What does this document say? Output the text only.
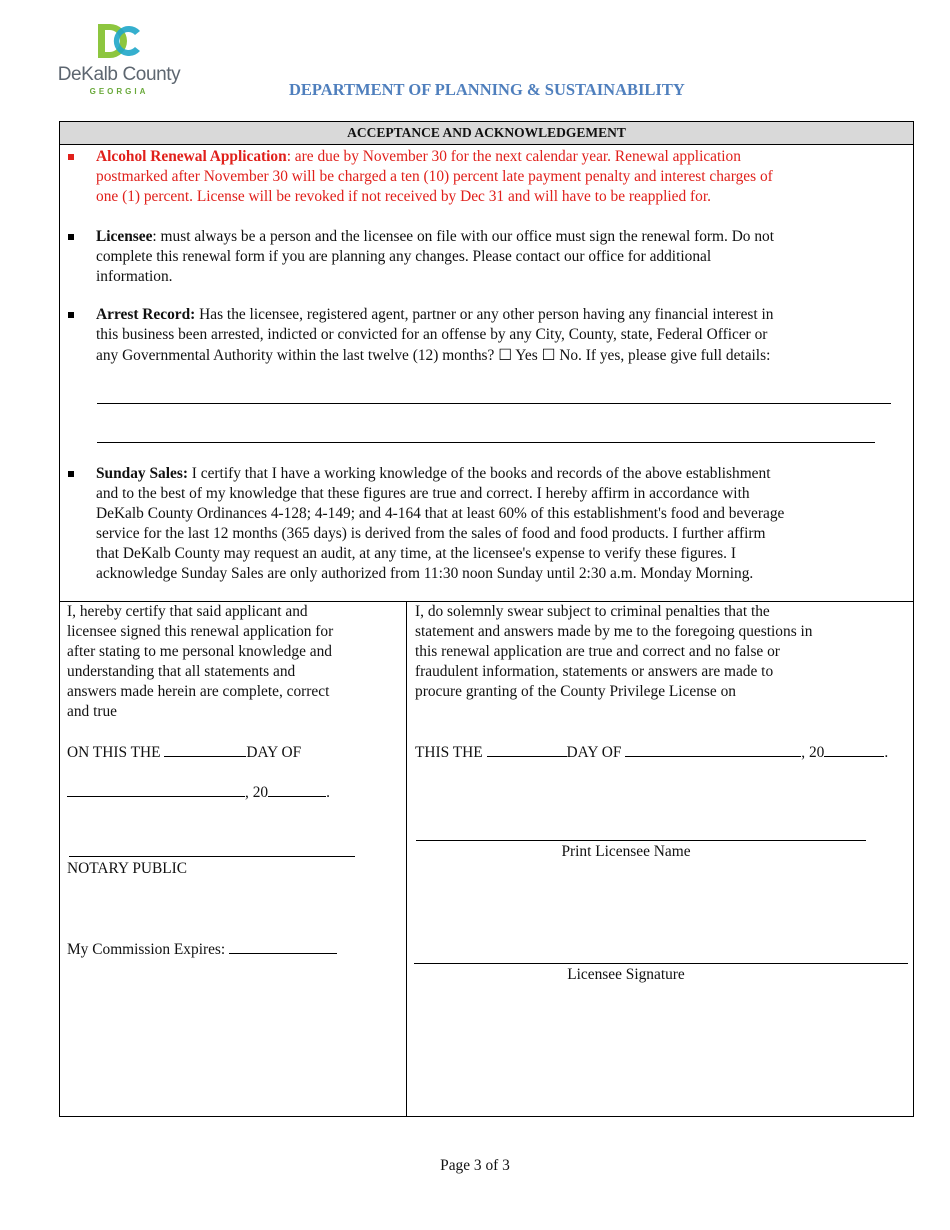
DeKalb County
GEORGIA	DEPARTMENT OF PLANNING & SUSTAINABILITY
ACCEPTANCE AND ACKNOWLEDGEMENT
Alcohol Renewal Application: are due by November 30 for the next calendar year. Renewal application
postmarked after November 30 will be charged a ten (10) percent late payment penalty and interest charges of
one (1) percent. License will be revoked if not received by Dec 31 and will have to be reapplied for.
Licensee: must always be a person and the licensee on file with our office must sign the renewal form. Do not
complete this renewal form if you are planning any changes. Please contact our office for additional
information.
Arrest Record: Has the licensee, registered agent, partner or any other person having any financial interest in
this business been arrested, indicted or convicted for an offense by any City, County, state, Federal Officer or
any Governmental Authority within the last twelve (12) months? ☐ Yes ☐ No. If yes, please give full details:
Sunday Sales: I certify that I have a working knowledge of the books and records of the above establishment
and to the best of my knowledge that these figures are true and correct. I hereby affirm in accordance with
DeKalb County Ordinances 4-128; 4-149; and 4-164 that at least 60% of this establishment's food and beverage
service for the last 12 months (365 days) is derived from the sales of food and food products. I further affirm
that DeKalb County may request an audit, at any time, at the licensee's expense to verify these figures. I
acknowledge Sunday Sales are only authorized from 11:30 noon Sunday until 2:30 a.m. Monday Morning.
I, hereby certify that said applicant and
licensee signed this renewal application for
after stating to me personal knowledge and
understanding that all statements and
answers made herein are complete, correct
and true
ON THIS THE	DAY OF
, 20	.
NOTARY PUBLIC
My Commission Expires:
I, do solemnly swear subject to criminal penalties that the
statement and answers made by me to the foregoing questions in
this renewal application are true and correct and no false or
fraudulent information, statements or answers are made to
procure granting of the County Privilege License on
THIS THE	DAY OF	, 20	.
Print Licensee Name
Licensee Signature
Page 3 of 3
